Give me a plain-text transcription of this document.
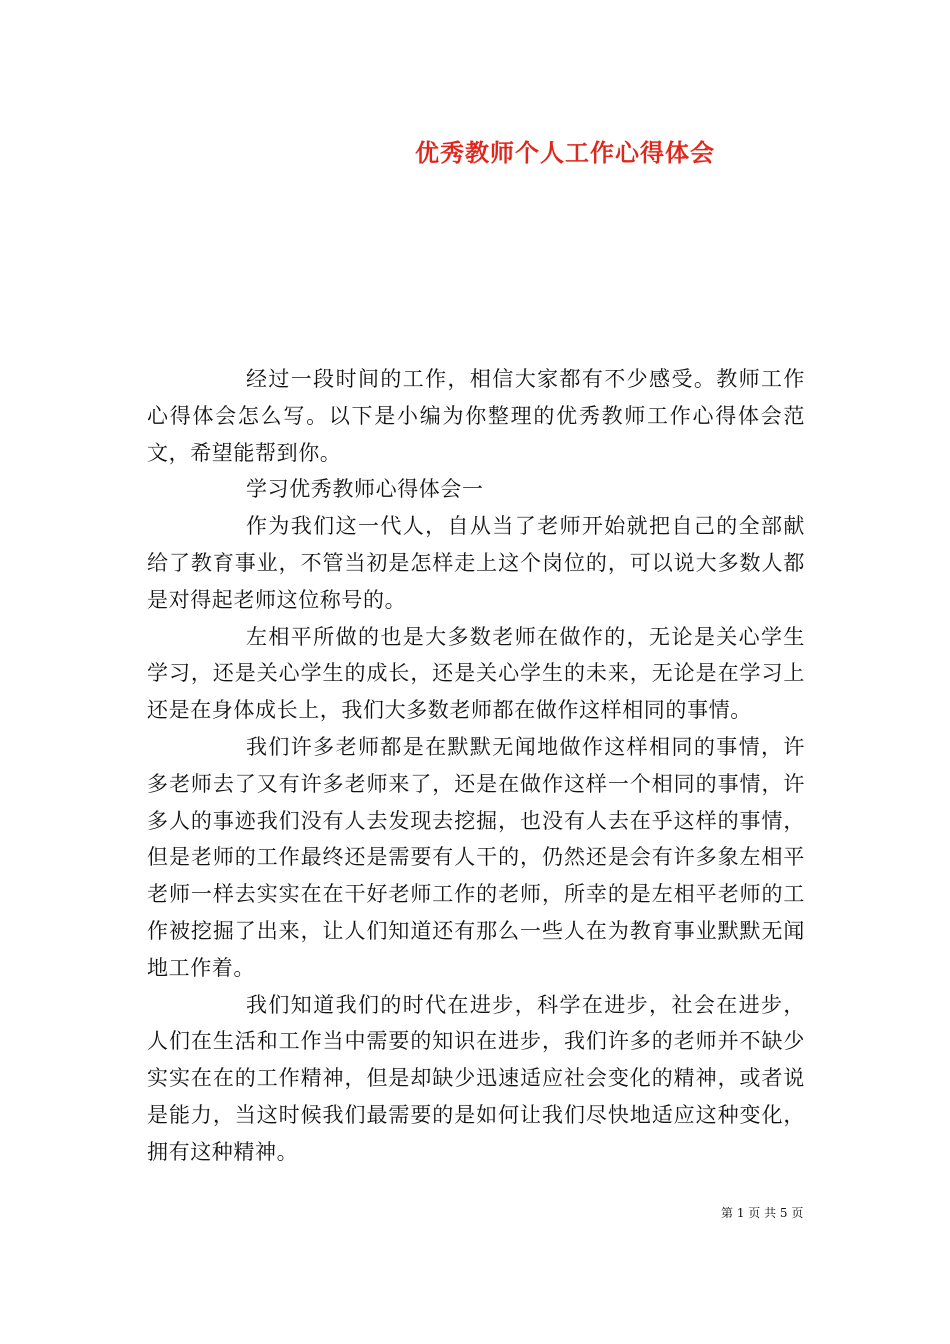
优秀教师个人工作心得体会

经过一段时间的工作，相信大家都有不少感受。教师工作心得体会怎么写。以下是小编为你整理的优秀教师工作心得体会范文，希望能帮到你。

学习优秀教师心得体会一

作为我们这一代人，自从当了老师开始就把自己的全部献给了教育事业，不管当初是怎样走上这个岗位的，可以说大多数人都是对得起老师这位称号的。

左相平所做的也是大多数老师在做作的，无论是关心学生学习，还是关心学生的成长，还是关心学生的未来，无论是在学习上还是在身体成长上，我们大多数老师都在做作这样相同的事情。

我们许多老师都是在默默无闻地做作这样相同的事情，许多老师去了又有许多老师来了，还是在做作这样一个相同的事情，许多人的事迹我们没有人去发现去挖掘，也没有人去在乎这样的事情，但是老师的工作最终还是需要有人干的，仍然还是会有许多象左相平老师一样去实实在在干好老师工作的老师，所幸的是左相平老师的工作被挖掘了出来，让人们知道还有那么一些人在为教育事业默默无闻地工作着。

我们知道我们的时代在进步，科学在进步，社会在进步，人们在生活和工作当中需要的知识在进步，我们许多的老师并不缺少实实在在的工作精神，但是却缺少迅速适应社会变化的精神，或者说是能力，当这时候我们最需要的是如何让我们尽快地适应这种变化，拥有这种精神。

第 1 页 共 5 页
